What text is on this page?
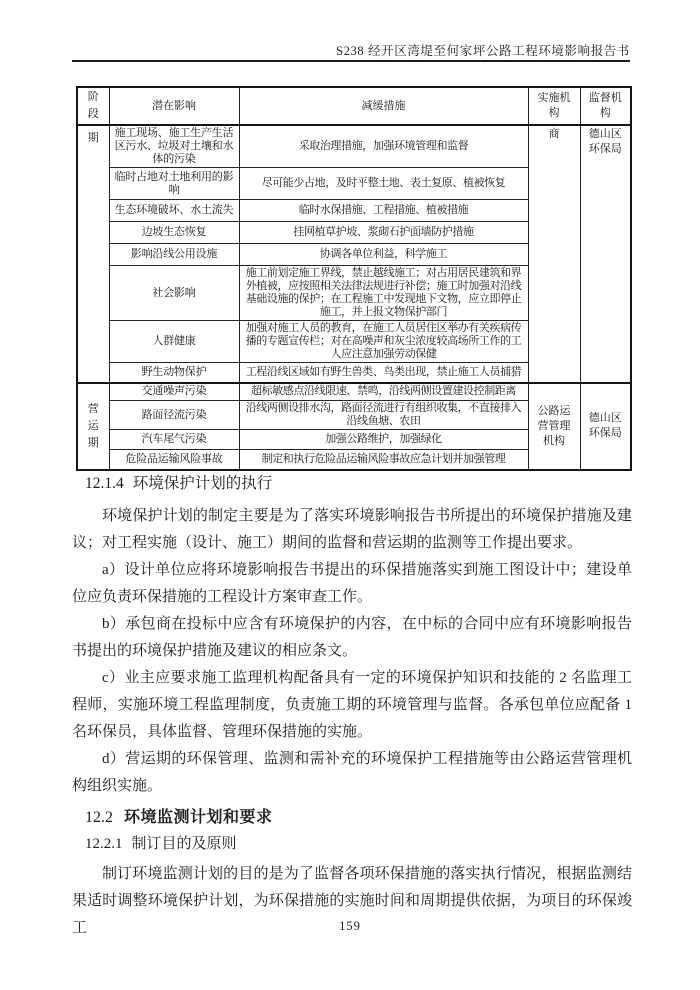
S238 经开区湾堤至何家坪公路工程环境影响报告书
阶段	潜在影响	减缓措施	实施机构	监督机构

期	施工现场、施工生产生活区污水、垃圾对土壤和水体的污染	采取治理措施，加强环境管理和监督	商	德山区环保局
	临时占地对土地利用的影响	尽可能少占地，及时平整土地、表土复原、植被恢复		
	生态环境破坏、水土流失	临时水保措施、工程措施、植被措施		
	边坡生态恢复	挂网植草护坡、浆砌石护面墙防护措施		
	影响沿线公用设施	协调各单位利益，科学施工		
	社会影响	施工前划定施工界线，禁止越线施工；对占用居民建筑和界外植被，应按照相关法律法规进行补偿；施工时加强对沿线基础设施的保护；在工程施工中发现地下文物，应立即停止施工，并上报文物保护部门		
	人群健康	加强对施工人员的教育，在施工人员居住区举办有关疾病传播的专题宣传栏；对在高噪声和灰尘浓度较高场所工作的工人应注意加强劳动保健		
	野生动物保护	工程沿线区域如有野生兽类、鸟类出现，禁止施工人员捕猎		

营运期	交通噪声污染	超标敏感点沿线限速、禁鸣，沿线两侧设置建设控制距离	公路运营管理机构	德山区环保局
	路面径流污染	沿线两侧设排水沟，路面径流进行有组织收集，不直接排入沿线鱼塘、农田		
	汽车尾气污染	加强公路维护，加强绿化		
	危险品运输风险事故	制定和执行危险品运输风险事故应急计划并加强管理		
12.1.4 环境保护计划的执行

环境保护计划的制定主要是为了落实环境影响报告书所提出的环境保护措施及建议；对工程实施（设计、施工）期间的监督和营运期的监测等工作提出要求。

a）设计单位应将环境影响报告书提出的环保措施落实到施工图设计中；建设单位应负责环保措施的工程设计方案审查工作。

b）承包商在投标中应含有环境保护的内容，在中标的合同中应有环境影响报告书提出的环境保护措施及建议的相应条文。

c）业主应要求施工监理机构配备具有一定的环境保护知识和技能的 2 名监理工程师，实施环境工程监理制度，负责施工期的环境管理与监督。各承包单位应配备 1 名环保员，具体监督、管理环保措施的实施。

d）营运期的环保管理、监测和需补充的环境保护工程措施等由公路运营管理机构组织实施。

12.2 环境监测计划和要求
12.2.1 制订目的及原则

制订环境监测计划的目的是为了监督各项环保措施的落实执行情况，根据监测结果适时调整环境保护计划，为环保措施的实施时间和周期提供依据，为项目的环保竣工	159
